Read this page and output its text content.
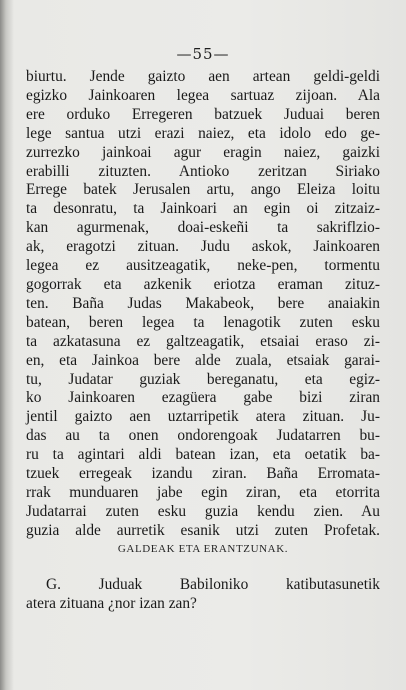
—55—
biurtu. Jende gaizto aen artean geldi-geldi
egizko Jainkoaren legea sartuaz zijoan. Ala
ere orduko Erregeren batzuek Juduai beren
lege santua utzi erazi naiez, eta idolo edo ge-
zurrezko jainkoai agur eragin naiez, gaizki
erabilli zituzten. Antioko zeritzan Siriako
Errege batek Jerusalen artu, ango Eleiza loitu
ta desonratu, ta Jainkoari an egin oi zitzaiz-
kan agurmenak, doai-eskeñi ta sakriflzio-
ak, eragotzi zituan. Judu askok, Jainkoaren
legea ez ausitzeagatik, neke-pen, tormentu
gogorrak eta azkenik eriotza eraman zituz-
ten. Baña Judas Makabeok, bere anaiakin
batean, beren legea ta lenagotik zuten esku
ta azkatasuna ez galtzeagatik, etsaiai eraso zi-
en, eta Jainkoa bere alde zuala, etsaiak garai-
tu, Judatar guziak bereganatu, eta egiz-
ko Jainkoaren ezagüera gabe bizi ziran
jentil gaizto aen uztarripetik atera zituan. Ju-
das au ta onen ondorengoak Judatarren bu-
ru ta agintari aldi batean izan, eta oetatik ba-
tzuek erregeak izandu ziran. Baña Erromata-
rrak munduaren jabe egin ziran, eta etorrita
Judatarrai zuten esku guzia kendu zien. Au
guzia alde aurretik esanik utzi zuten Profetak.
GALDEAK ETA ERANTZUNAK.
G. Juduak Babiloniko katibutasunetik
atera zituana ¿nor izan zan?
